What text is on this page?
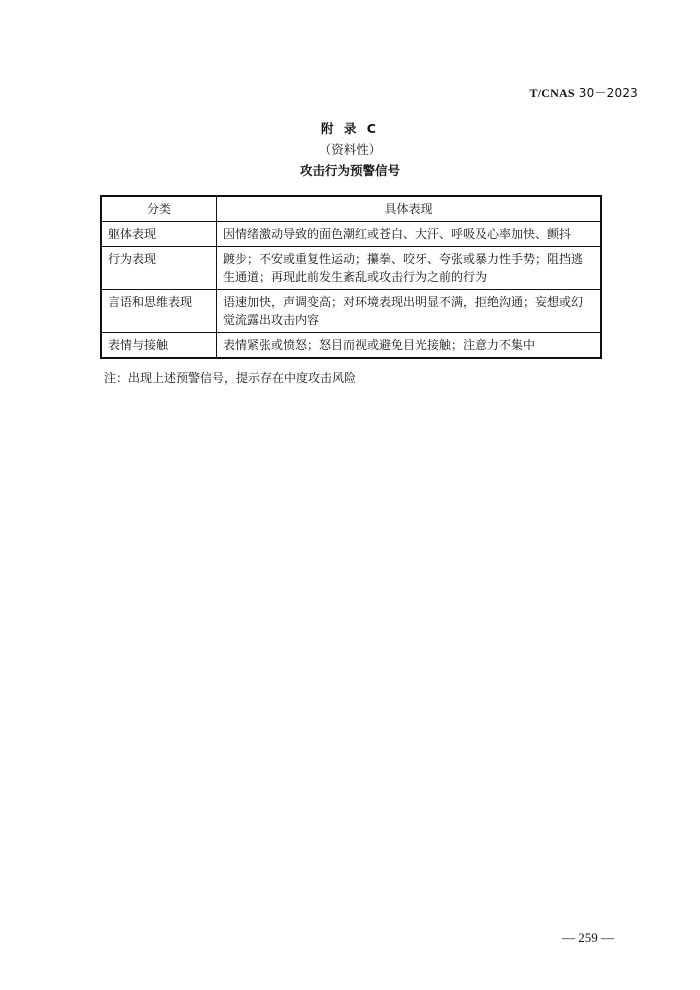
T/CNAS 30－2023
附 录 C
（资料性）
攻击行为预警信号
分类	具体表现
躯体表现	因情绪激动导致的面色潮红或苍白、大汗、呼吸及心率加快、颤抖
行为表现	踱步；不安或重复性运动；攥拳、咬牙、夸张或暴力性手势；阻挡逃生通道；再现此前发生紊乱或攻击行为之前的行为
言语和思维表现	语速加快，声调变高；对环境表现出明显不满，拒绝沟通；妄想或幻觉流露出攻击内容
表情与接触	表情紧张或愤怒；怒目而视或避免目光接触；注意力不集中
注：出现上述预警信号，提示存在中度攻击风险
— 259 —
